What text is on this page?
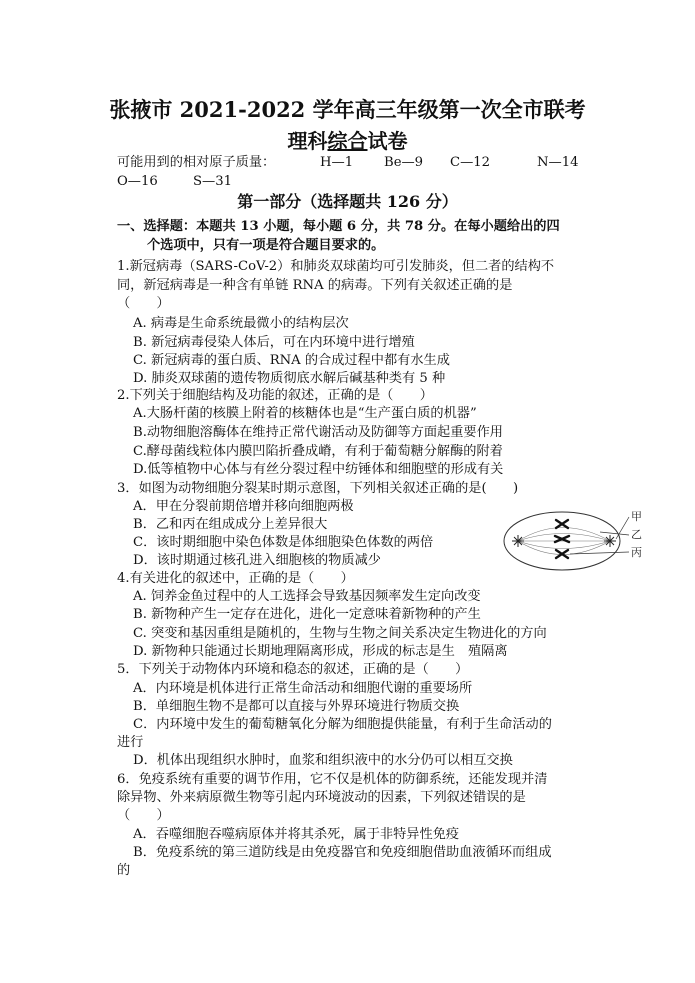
张掖市 2021-2022 学年高三年级第一次全市联考
理科综合试卷
可能用到的相对原子质量：	H—1 Be—9 C—12	N—14
O—16	S—31
第一部分（选择题共 126 分）
一、选择题：本题共 13 小题，每小题 6 分，共 78 分。在每小题给出的四
个选项中，只有一项是符合题目要求的。
1.新冠病毒（SARS-CoV-2）和肺炎双球菌均可引发肺炎，但二者的结构不
同，新冠病毒是一种含有单链 RNA 的病毒。下列有关叙述正确的是
（　　）
A. 病毒是生命系统最微小的结构层次
B. 新冠病毒侵染人体后，可在内环境中进行增殖
C. 新冠病毒的蛋白质、RNA 的合成过程中都有水生成
D. 肺炎双球菌的遗传物质彻底水解后碱基种类有 5 种
2.下列关于细胞结构及功能的叙述，正确的是（　　）
A.大肠杆菌的核膜上附着的核糖体也是“生产蛋白质的机器”
B.动物细胞溶酶体在维持正常代谢活动及防御等方面起重要作用
C.酵母菌线粒体内膜凹陷折叠成嵴，有利于葡萄糖分解酶的附着
D.低等植物中心体与有丝分裂过程中纺锤体和细胞壁的形成有关
3．如图为动物细胞分裂某时期示意图，下列相关叙述正确的是(　　)
A．甲在分裂前期倍增并移向细胞两极
B．乙和丙在组成成分上差异很大
C．该时期细胞中染色体数是体细胞染色体数的两倍
D．该时期通过核孔进入细胞核的物质减少
甲
乙
丙
4.有关进化的叙述中，正确的是（　　）
A. 饲养金鱼过程中的人工选择会导致基因频率发生定向改变
B. 新物种产生一定存在进化，进化一定意味着新物种的产生
C. 突变和基因重组是随机的，生物与生物之间关系决定生物进化的方向
D. 新物种只能通过长期地理隔离形成，形成的标志是生　殖隔离
5．下列关于动物体内环境和稳态的叙述，正确的是（　　）
A．内环境是机体进行正常生命活动和细胞代谢的重要场所
B．单细胞生物不是都可以直接与外界环境进行物质交换
C．内环境中发生的葡萄糖氧化分解为细胞提供能量，有利于生命活动的
进行
D．机体出现组织水肿时，血浆和组织液中的水分仍可以相互交换
6．免疫系统有重要的调节作用，它不仅是机体的防御系统，还能发现并清
除异物、外来病原微生物等引起内环境波动的因素，下列叙述错误的是
（　　）
A．吞噬细胞吞噬病原体并将其杀死，属于非特异性免疫
B．免疫系统的第三道防线是由免疫器官和免疫细胞借助血液循环而组成
的
